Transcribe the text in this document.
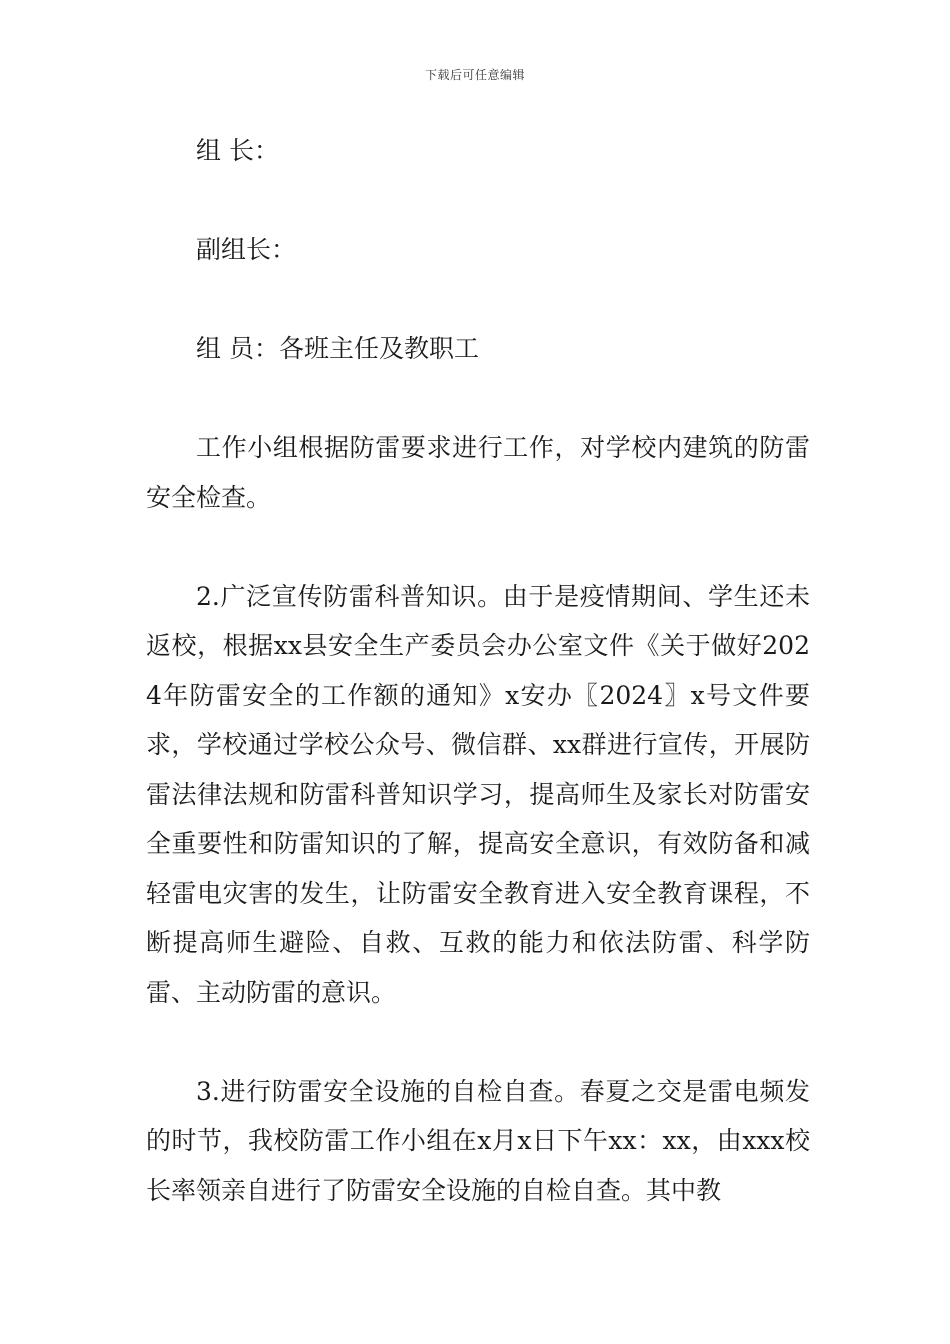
下载后可任意编辑

组 长：

副组长：

组 员：各班主任及教职工

工作小组根据防雷要求进行工作，对学校内建筑的防雷安全检查。

2.广泛宣传防雷科普知识。由于是疫情期间、学生还未返校，根据xx县安全生产委员会办公室文件《关于做好2024年防雷安全的工作额的通知》x安办〖2024〗x号文件要求，学校通过学校公众号、微信群、xx群进行宣传，开展防雷法律法规和防雷科普知识学习，提高师生及家长对防雷安全重要性和防雷知识的了解，提高安全意识，有效防备和减轻雷电灾害的发生，让防雷安全教育进入安全教育课程，不断提高师生避险、自救、互救的能力和依法防雷、科学防雷、主动防雷的意识。

3.进行防雷安全设施的自检自查。春夏之交是雷电频发的时节，我校防雷工作小组在x月x日下午xx：xx，由xxx校长率领亲自进行了防雷安全设施的自检自查。其中教
